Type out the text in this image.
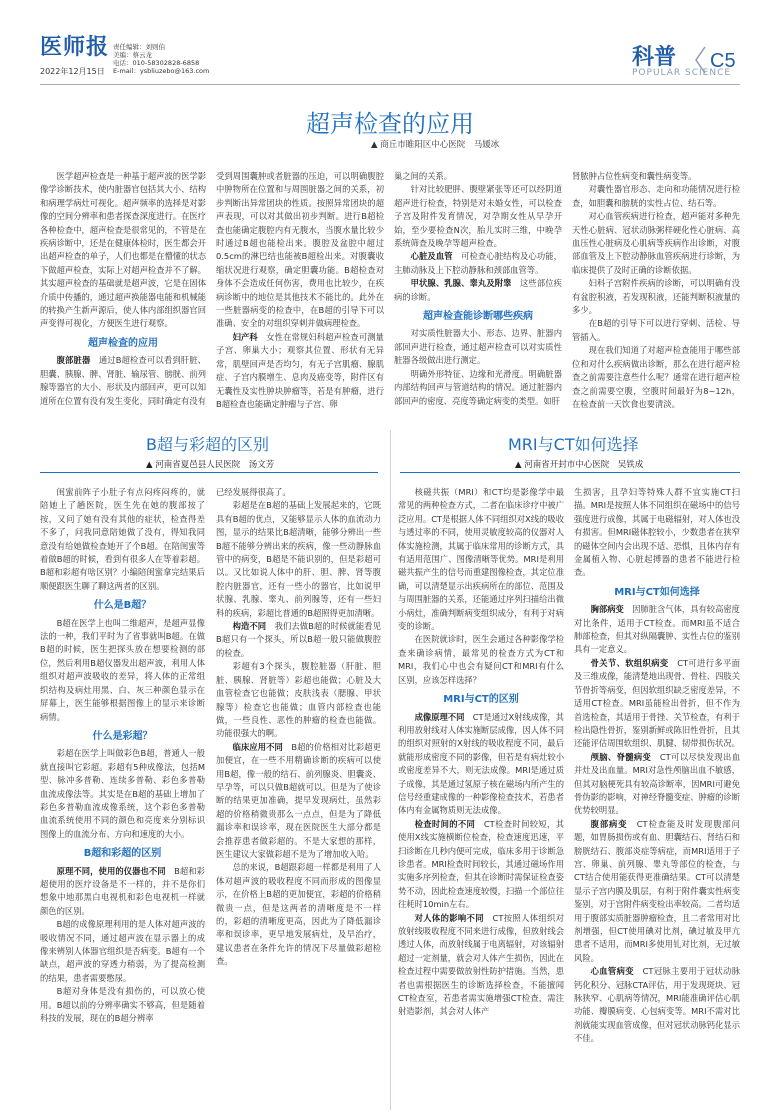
医师报 责任编辑：刘则伯
美编：蔡云龙
电话：010-58302828-6858
E-mail：ysbliuzebo@163.com
2022年12月15日
科普
POPULAR SCIENCE
C5
超声检查的应用
▲ 商丘市睢阳区中心医院　马媛冰

医学超声检查是一种基于超声波的医学影像学诊断技术，使内脏器官包括其大小、结构和病理学病灶可视化。超声频率的选择是对影像的空间分辨率和患者探查深度进行。在医疗各种检查中，超声检查是很常见的，不管是在疾病诊断中，还是在健康体检时，医生都会开出超声检查的单子，人们也都是在懵懂的状态下做超声检查，实际上对超声检查并不了解。其实超声检查的基础就是超声波，它是在固体介质中传播的，通过超声换能器电能和机械能的转换产生新声源后，使人体内部组织器官回声变得可视化，方便医生进行观察。

超声检查的应用

腹部脏器　 通过B超检查可以看到肝脏、胆囊、胰腺、脾、肾脏、输尿管、膀胱、前列腺等器官的大小、形状及内部回声，更可以知道所在位置有没有发生变化，同时确定有没有

受到周围囊肿或者脏器的压迫，可以明确腹腔中肿物所在位置和与周围脏器之间的关系，初步判断出异常团块的性质。按照异常团块的超声表现，可以对其做出初步判断。进行B超检查也能确定腹腔内有无腹水，当腹水量比较少时通过B超也能检出来。腹腔及盆腔中超过0.5cm的淋巴结也能被B超检出来。对腹囊收缩状况进行观察，确定胆囊功能。B超检查对身体不会造成任何伤害，费用也比较少，在疾病诊断中的地位是其他技术不能比的。此外在一些脏器病变的检查中，在B超的引导下可以准确、安全的对组织穿刺并做病理检查。

妇产科　 女性在常规妇科超声检查可测量子宫、卵巢大小；观察其位置、形状有无异常，肌壁回声是否均匀，有无子宫肌瘤、腺肌症、子宫内膜增生、息肉及癌变等，附件区有无囊性及实性肿块肿瘤等，若是有肿瘤，进行B超检查也能确定肿瘤与子宫、卵

巢之间的关系。

针对比较肥胖、腹壁紧张等还可以经阴道超声进行检查，特别是对未婚女性，可以检查子宫及附件发育情况，对孕期女性从早孕开始，至少要检查N次，胎儿实时三维，中晚孕系统筛查及晚孕等超声检查。

心脏及血管　 可检查心脏结构及心功能，主肺动脉及上下腔动静脉和颈部血管等。

甲状腺、乳腺、睾丸及附睾　 这些部位疾病的诊断。

超声检查能诊断哪些疾病

对实质性脏器大小、形态、边界、脏器内部回声进行检查，通过超声检查可以对实质性脏器各级做出进行测定。

明确外形特征、边缘和光滑度。明确脏器内部结构回声与管道结构的情况。通过脏器内部回声的密度、亮度等确定病变的类型。如肝

肾脓肿占位性病变和囊性病变等。

对囊性器官形态、走向和功能情况进行检查，如胆囊和膀胱的实性占位、结石等。

对心血管疾病进行检查，超声能对多种先天性心脏病、冠状动脉粥样硬化性心脏病、高血压性心脏病及心肌病等疾病作出诊断，对腹部血管及上下腔动静脉血管疾病进行诊断，为临床提供了及时正确的诊断依据。

妇科子宫附件疾病的诊断，可以明确有没有盆腔积液，若发现积液，还能判断积液量的多少。

在B超的引导下可以进行穿刺、活检、导管插入。

现在我们知道了对超声检查能用于哪些部位和对什么疾病做出诊断，那么在进行超声检查之前需要注意些什么呢？通常在进行超声检查之前需要空腹，空腹时间最好为8~12h，在检查前一天饮食也要清淡。

B超与彩超的区别
▲ 河南省夏邑县人民医院　汤文芳
MRI与CT如何选择
▲ 河南省开封市中心医院　吴铁成

闺蜜前阵子小肚子有点闷疼闷疼的，就陪她上了趟医院，医生先在她的腹部按了按，又问了她有没有其他的症状，检查得差不多了，问我同意陪她做了没有，得知我同意没有给她做检查她开了个B超。在陪闺蜜等着做B超的时候，看到有很多人在等着彩超。B超和彩超有啥区别？小编陪闺蜜拿完结果后顺便跟医生聊了聊这两者的区别。

什么是B超？

B超在医学上也叫二维超声，是超声显像法的一种，我们平时为了省事就叫B超。在做B超的时候，医生把探头放在想要检测的部位，然后利用B超仪器发出超声波，利用人体组织对超声波吸收的差异，将人体的正常组织结构及病灶用黑、白、灰三种颜色显示在屏幕上，医生能够根据图像上的显示来诊断病情。

什么是彩超？

彩超在医学上叫做彩色B超，普通人一般就直接叫它彩超。彩超有5种成像法，包括M型、脉冲多普勒、连续多普勒、彩色多普勒血流成像法等。其实是在B超的基础上增加了彩色多普勒血流成像系统，这个彩色多普勒血流系统使用不同的颜色和亮度来分别标识图像上的血流分布、方向和速度的大小。

B超和彩超的区别

原理不同，使用的仪器也不同　 B超和彩超使用的医疗设备是不一样的，并不是你们想象中地那黑白电视机和彩色电视机一样就颜色的区别。

B超的成像原理利用的是人体对超声波的吸收情况不同，通过超声波在显示器上的成像来辨别人体器官组织是否病变。B超有一个缺点，超声波的穿透力稍弱，为了提高检测的结果，患者需要憋尿。

B超对身体是没有损伤的，可以放心使用。B超以前的分辨率确实不够高，但是随着科技的发展，现在的B超分辨率

已经发展得很高了。

彩超是在B超的基础上发展起来的，它既具有B超的优点，又能够显示人体的血流动力图，显示的结果比B超清晰，能够分辨出一些B超不能够分辨出来的疾病，像一些动静脉血管中的病变，B超是不能识别的，但是彩超可以。又比如说人体中的肝、胆、脾、肾等腹腔内脏器官，还有一些小的器官，比如说甲状腺、乳腺、睾丸、前列腺等，还有一些妇科的疾病，彩超比普通的B超照得更加清晰。

构造不同　 我们去做B超的时候就能看见B超只有一个探头，所以B超一般只能做腹腔的检查。

彩超有3个探头，腹腔脏器（肝脏、胆脏、胰腺、肾脏等）彩超也能做；心脏及大血管检查它也能做；皮肤浅表（腮腺、甲状腺等）检查它也能做；血管内部检查也能做，一些良性、恶性的肿瘤的检查也能做。功能很强大的啊。

临床应用不同　 B超的价格相对比彩超更加便宜，在一些不用精确诊断的疾病可以使用B超，像一般的结石、前列腺炎、胆囊炎、早孕等，可以只做B超就可以。但是为了使诊断的结果更加准确，提早发现病灶，虽然彩超的价格稍微贵那么一点点，但是为了降低漏诊率和误诊率，现在医院医生大部分都是会推荐患者做彩超的。不是大家想的那样，医生建议大家做彩超不是为了增加收入哈。

总的来说，B超跟彩超一样都是利用了人体对超声波的吸收程度不同而形成的图像显示，在价格上B超的更加便宜，彩超的价格稍微贵一点，但是这两者的清晰度是不一样的，彩超的清晰度更高，因此为了降低漏诊率和误诊率，更早地发展病灶，及早治疗，建议患者在条件允许的情况下尽量做彩超检查。

核磁共振（MRI）和CT均是影像学中最常见的两种检查方式，二者在临床诊疗中被广泛应用。CT是根据人体不同组织对X线的吸收与透过率的不同，使用灵敏度较高的仪器对人体实施检测，其属于临床常用的诊断方式，具有适用范围广、图像清晰等优势。MRI是利用磁共振产生的信号而重建图像检查，其定位准确，可以清楚显示出疾病所在的部位、范围及与周围脏器的关系，还能通过序列扫描给出微小病灶，准确判断病变组织成分，有利于对病变的诊断。

在医院就诊时，医生会通过各种影像学检查来确诊病情，最常见的检查方式为CT和MRI，我们心中也会有疑问CT和MRI有什么区别，应该怎样选择？

MRI与CT的区别

成像原理不同　 CT是通过X射线成像，其利用放射线对人体实施断层成像，因人体不同的组织对照射的X射线的吸收程度不同，最后就能形成密度不同的影像，但若是有病灶较小或密度差异不大，则无法成像。MRI是通过质子成像，其是通过氢原子核在磁场内所产生的信号经重建成像的一种影像检查技术，若患者体内有金属物质则无法成像。

检查时间的不同　 CT检查时间较短，其使用X线实施横断位检查，检查速度迅速，平扫诊断在几秒内便可完成，临床多用于诊断急诊患者。MRI检查时间较长，其通过磁场作用实施多序列检查，但其在诊断时需保证检查姿势不动，因此检查速度较慢，扫描一个部位往往耗时10min左右。

对人体的影响不同　 CT按照人体组织对放射线吸收程度不同来进行成像，但放射线会透过人体，而放射线属于电离辐射，对该辐射超过一定剂量，就会对人体产生损伤，因此在检查过程中需要做放射性防护措施。当然，患者也需根据医生的诊断选择检查，不能擅闻CT检查室，若患者需实施增强CT检查，需注射造影剂，其会对人体产

生损害，且孕妇等特殊人群不宜实施CT扫描。MRI是按照人体不同组织在磁场中的信号强度进行成像，其属于电磁辐射，对人体也没有损害。但MRI磁体腔较小，少数患者在狭窄的磁体空间内会出现不适、恐惧，且体内存有金属植入物、心脏起搏器的患者不能进行检查。

MRI与CT如何选择

胸部病变　 因肺脏含气体，具有较高密度对比条件，适用于CT检查。而MRI虽不适合肺部检查，但其对纵隔囊肿、实性占位的鉴别具有一定意义。

骨关节、软组织病变　 CT可进行多平面及三维成像，能清楚地出现骨、骨柱、四肢关节骨折等病变，但因软组织缺乏密度差异，不适用CT检查。MRI虽能检出骨折，但不作为首选检查，其适用于骨挫、关节检查，有利于检出隐性骨折，鉴别新鲜或陈旧性骨折，且其还能评估周围软组织、肌腱、韧带损伤状况。

颅脑、脊髓病变　 CT可以尽快发现出血并灶及出血量。MRI对急性颅脑出血不敏感，但其对脑梗死具有较高诊断率，因MRI可避免骨伪影的影响，对神经脊髓变症、肿瘤的诊断优势较明显。

腹部病变　 CT检查能及时发现腹部问题，如胃肠损伤或有血、胆囊结石、肾结石和膀胱结石、腹部炎症等病症，而MRI适用于子宫、卵巢、前列腺、睾丸等部位的检查，与CT结合使用能获得更准确结果。CT可以清楚显示子宫内膜及肌层，有利于附件囊实性病变鉴别，对于宫附件病变检出率较高。二者均适用于腹部实质脏器肿瘤检查，且二者常用对比剂增强，但CT使用碘对比剂，碘过敏及甲亢患者不适用，而MRI多使用钆对比剂，无过敏风险。

心血管病变　 CT冠脉主要用于冠状动脉钙化积分、冠脉CTA评估，用于发现斑块、冠脉狭窄、心肌病等情况，MRI能准确评估心肌功能、瓣膜病变、心包病变等。MRI不需对比剂就能实现血管成像，但对冠状动脉钙化显示不佳。
